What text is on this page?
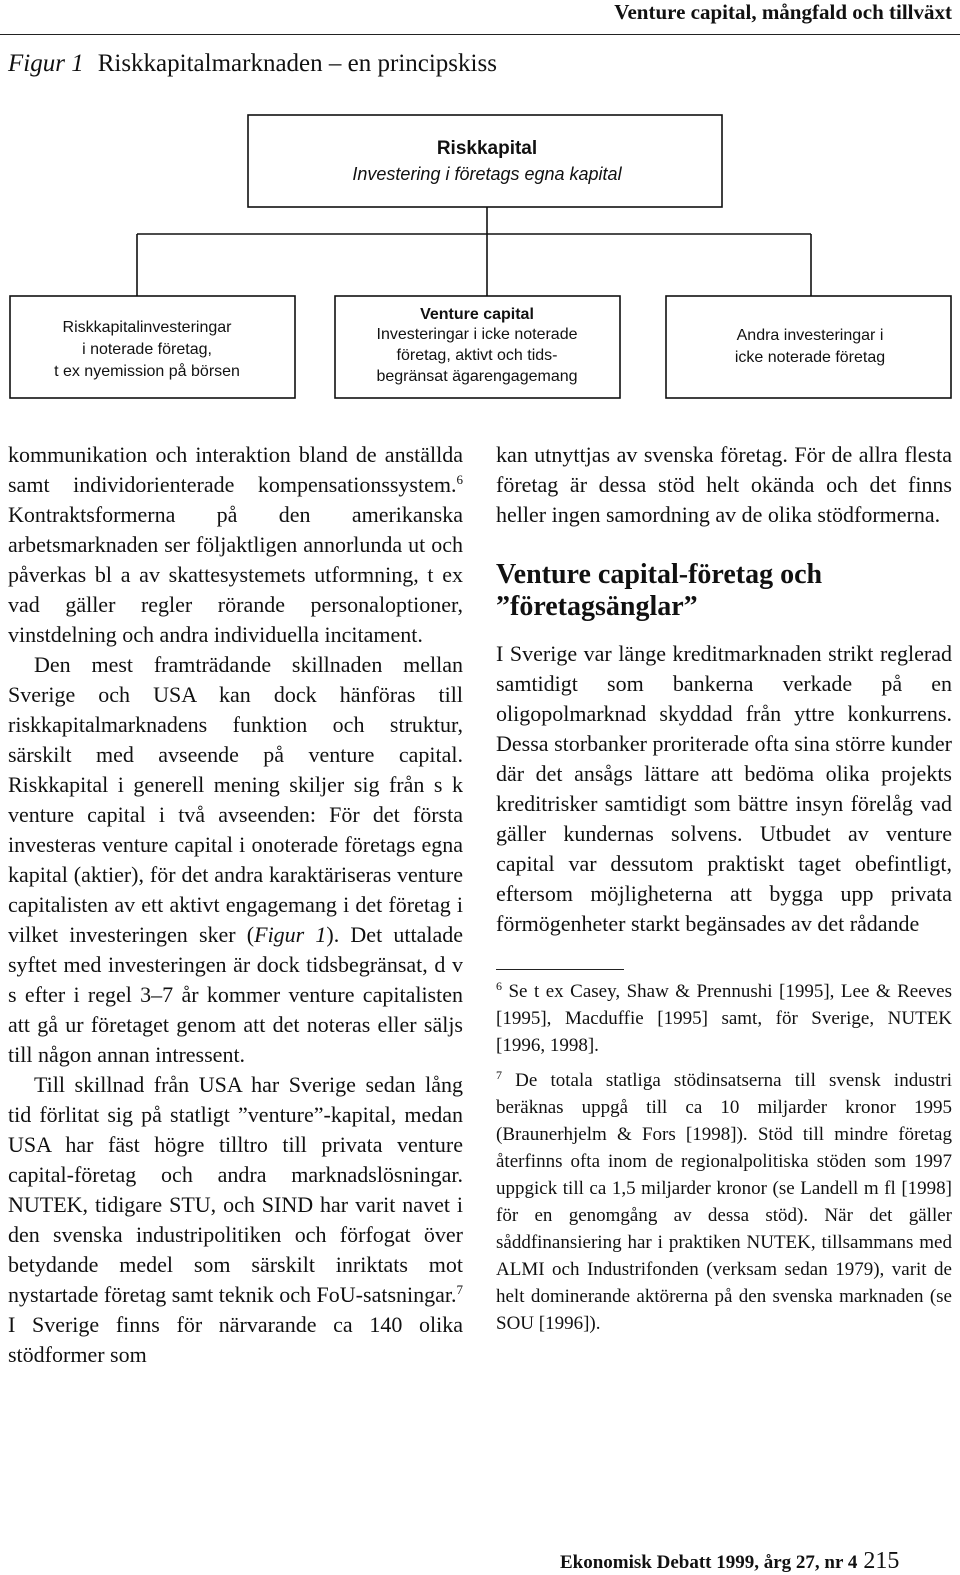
Venture capital, mångfald och tillväxt
Figur 1 Riskkapitalmarknaden – en principskiss
Riskkapital
Investering i företags egna kapital
Riskkapitalinvesteringar
i noterade företag,
t ex nyemission på börsen
Venture capital
Investeringar i icke noterade
företag, aktivt och tids-
begränsat ägarengagemang
Andra investeringar i
icke noterade företag

kommunikation och interaktion bland de anställda samt individorienterade kompensationssystem.$^6$ Kontraktsformerna på den amerikanska arbetsmarknaden ser följaktligen annorlunda ut och påverkas bl a av skattesystemets utformning, t ex vad gäller regler rörande personaloptioner, vinstdelning och andra individuella incitament.

Den mest framträdande skillnaden mellan Sverige och USA kan dock hänföras till riskkapitalmarknadens funktion och struktur, särskilt med avseende på venture capital. Riskkapital i generell mening skiljer sig från s k venture capital i två avseenden: För det första investeras venture capital i onoterade företags egna kapital (aktier), för det andra karaktäriseras venture capitalisten av ett aktivt engagemang i det företag i vilket investeringen sker (Figur 1). Det uttalade syftet med investeringen är dock tidsbegränsat, d v s efter i regel 3–7 år kommer venture capitalisten att gå ur företaget genom att det noteras eller säljs till någon annan intressent.

Till skillnad från USA har Sverige sedan lång tid förlitat sig på statligt ”venture”-kapital, medan USA har fäst högre tilltro till privata venture capital-företag och andra marknadslösningar. NUTEK, tidigare STU, och SIND har varit navet i den svenska industripolitiken och förfogat över betydande medel som särskilt inriktats mot nystartade företag samt teknik och FoU-satsningar.$^7$ I Sverige finns för närvarande ca 140 olika stödformer som

kan utnyttjas av svenska företag. För de allra flesta företag är dessa stöd helt okända och det finns heller ingen samordning av de olika stödformerna.

Venture capital-företag och
”företagsänglar”

I Sverige var länge kreditmarknaden strikt reglerad samtidigt som bankerna verkade på en oligopolmarknad skyddad från yttre konkurrens. Dessa storbanker proriterade ofta sina större kunder där det ansågs lättare att bedöma olika projekts kreditrisker samtidigt som bättre insyn förelåg vad gäller kundernas solvens. Utbudet av venture capital var dessutom praktiskt taget obefintligt, eftersom möjligheterna att bygga upp privata förmögenheter starkt begänsades av det rådande

$^6$ Se t ex Casey, Shaw & Prennushi [1995], Lee & Reeves [1995], Macduffie [1995] samt, för Sverige, NUTEK [1996, 1998].

$^7$ De totala statliga stödinsatserna till svensk industri beräknas uppgå till ca 10 miljarder kronor 1995 (Braunerhjelm & Fors [1998]). Stöd till mindre företag återfinns ofta inom de regionalpolitiska stöden som 1997 uppgick till ca 1,5 miljarder kronor (se Landell m fl [1998] för en genomgång av dessa stöd). När det gäller såddfinansiering har i praktiken NUTEK, tillsammans med ALMI och Industrifonden (verksam sedan 1979), varit de helt dominerande aktörerna på den svenska marknaden (se SOU [1996]).

Ekonomisk Debatt 1999, årg 27, nr 4 215
